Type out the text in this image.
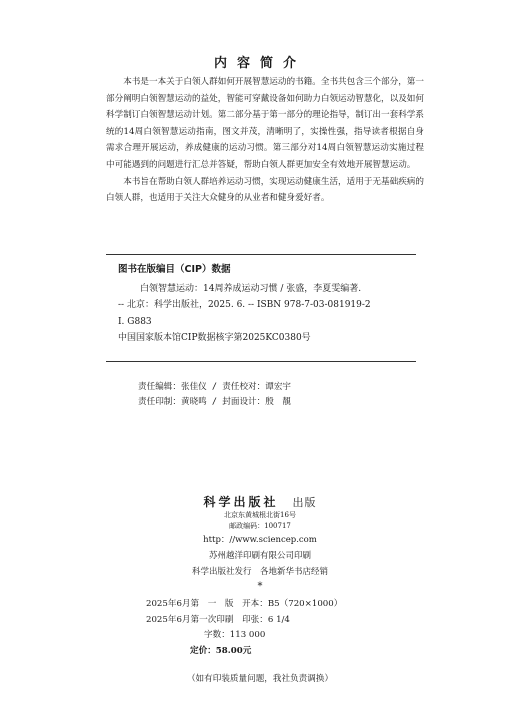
内容简介

本书是一本关于白领人群如何开展智慧运动的书籍。全书共包含三个部分，第一部分阐明白领智慧运动的益处，智能可穿戴设备如何助力白领运动智慧化，以及如何科学制订白领智慧运动计划。第二部分基于第一部分的理论指导，制订出一套科学系统的14周白领智慧运动指南，图文并茂，清晰明了，实操性强，指导读者根据自身需求合理开展运动，养成健康的运动习惯。第三部分对14周白领智慧运动实施过程中可能遇到的问题进行汇总并答疑，帮助白领人群更加安全有效地开展智慧运动。

本书旨在帮助白领人群培养运动习惯，实现运动健康生活，适用于无基础疾病的白领人群，也适用于关注大众健身的从业者和健身爱好者。

图书在版编目（CIP）数据
白领智慧运动：14周养成运动习惯 / 张盛，李夏雯编著.
-- 北京：科学出版社，2025. 6. -- ISBN 978-7-03-081919-2
Ⅰ. G883
中国国家版本馆CIP数据核字第2025KC0380号
责任编辑：张佳仪 / 责任校对：谭宏宇
责任印制：黄晓鸣 / 封面设计：殷　靚
科学出版社 出版
北京东黄城根北街16号
邮政编码：100717
http：//www.sciencep.com
苏州越洋印刷有限公司印刷
科学出版社发行　各地新华书店经销
*
2025年6月第　一　版　开本：B5（720×1000）
2025年6月第一次印刷　印张：6 1/4
字数：113 000
定价：58.00元
（如有印装质量问题，我社负责调换）
